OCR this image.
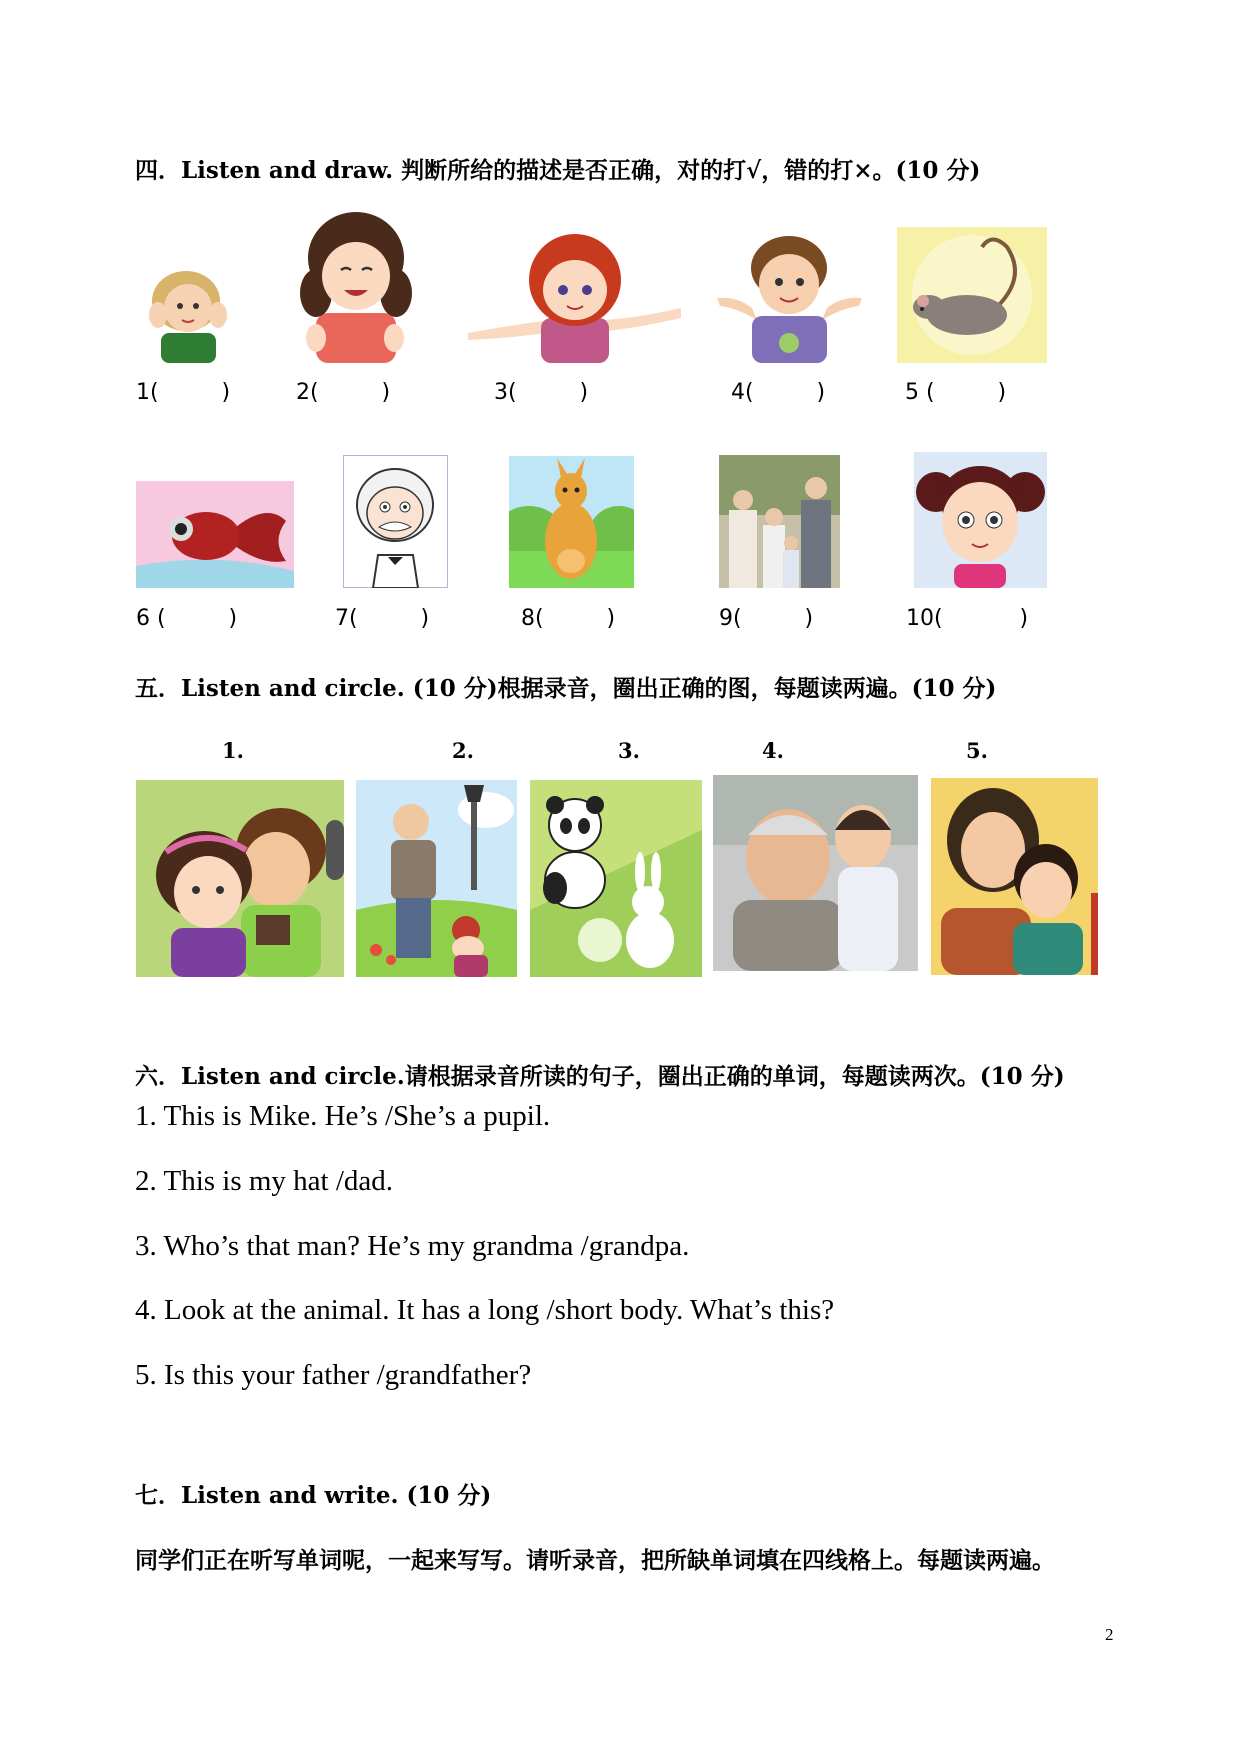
四．Listen and draw. 判断所给的描述是否正确，对的打√，错的打×。(10 分)
1(         )	2(         )	3(         )	4(         )	5 (         )
6 (         )	7(         )	8(         )	9(         )	10(           )
五．Listen and circle. (10 分)根据录音，圈出正确的图，每题读两遍。(10 分)
1.	2.	3.	4.	5.
六．Listen and circle.请根据录音所读的句子，圈出正确的单词，每题读两次。(10 分)
1. This is Mike. He’s /She’s a pupil.
2. This is my hat /dad.
3. Who’s that man? He’s my grandma /grandpa.
4. Look at the animal. It has a long /short body. What’s this?
5. Is this your father /grandfather?
七．Listen and write. (10 分)
同学们正在听写单词呢，一起来写写。请听录音，把所缺单词填在四线格上。每题读两遍。
2
